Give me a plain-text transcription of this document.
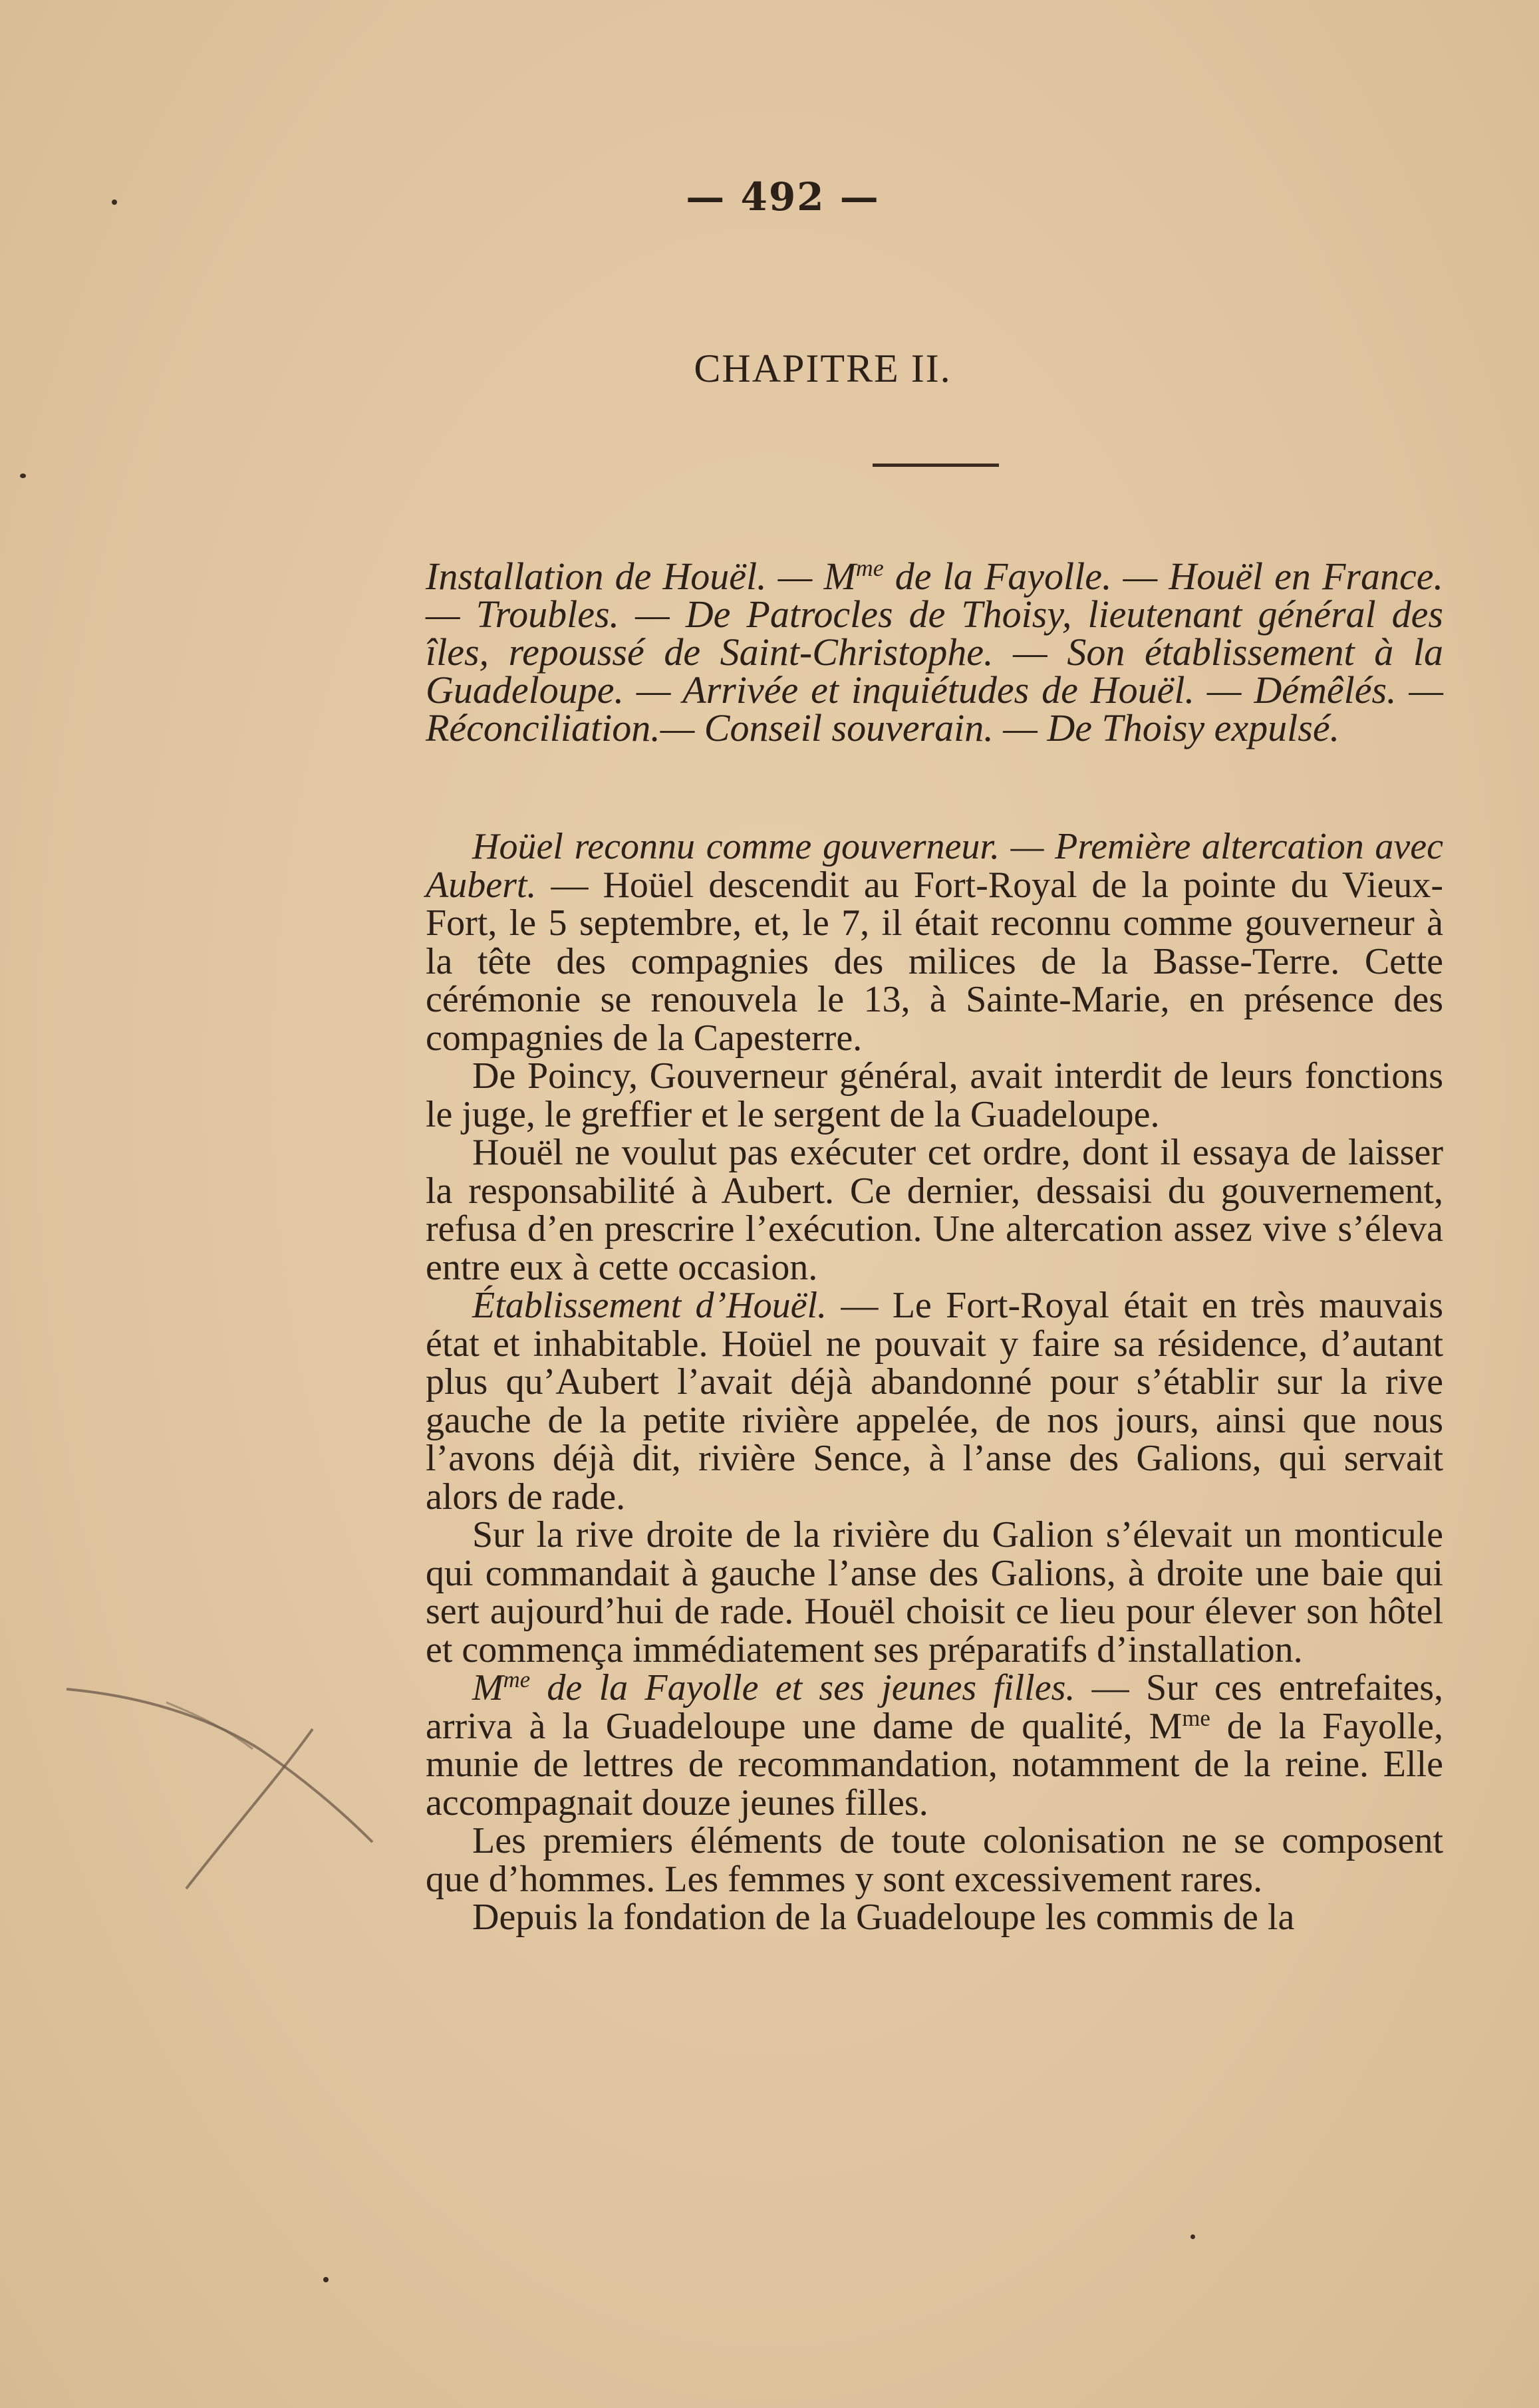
— 492 —
CHAPITRE II.
Installation de Houël. — $M^{me}$ de la Fayolle. — Houël en France. — Troubles. — De Patrocles de Thoisy, lieutenant général des îles, repoussé de Saint-Christophe. — Son établissement à la Guadeloupe. — Arrivée et inquiétudes de Houël. — Démêlés. — Réconciliation.— Conseil souverain. — De Thoisy expulsé.

Hoüel reconnu comme gouverneur. — Première altercation avec Aubert. — Hoüel descendit au Fort-Royal de la pointe du Vieux-Fort, le 5 septembre, et, le 7, il était reconnu comme gouverneur à la tête des compagnies des milices de la Basse-Terre. Cette cérémonie se renouvela le 13, à Sainte-Marie, en présence des compagnies de la Capesterre.

De Poincy, Gouverneur général, avait interdit de leurs fonctions le juge, le greffier et le sergent de la Guadeloupe.

Houël ne voulut pas exécuter cet ordre, dont il essaya de laisser la responsabilité à Aubert. Ce dernier, dessaisi du gouvernement, refusa d’en prescrire l’exécution. Une altercation assez vive s’éleva entre eux à cette occasion.

Établissement d’Houël. — Le Fort-Royal était en très mauvais état et inhabitable. Hoüel ne pouvait y faire sa résidence, d’autant plus qu’Aubert l’avait déjà abandonné pour s’établir sur la rive gauche de la petite rivière appelée, de nos jours, ainsi que nous l’avons déjà dit, rivière Sence, à l’anse des Galions, qui servait alors de rade.

Sur la rive droite de la rivière du Galion s’élevait un monticule qui commandait à gauche l’anse des Galions, à droite une baie qui sert aujourd’hui de rade. Houël choisit ce lieu pour élever son hôtel et commença immédiatement ses préparatifs d’installation.

$M^{me}$ de la Fayolle et ses jeunes filles. — Sur ces entrefaites, arriva à la Guadeloupe une dame de qualité, $M^{me}$ de la Fayolle, munie de lettres de recommandation, notamment de la reine. Elle accompagnait douze jeunes filles.

Les premiers éléments de toute colonisation ne se composent que d’hommes. Les femmes y sont excessivement rares.

Depuis la fondation de la Guadeloupe les commis de la
